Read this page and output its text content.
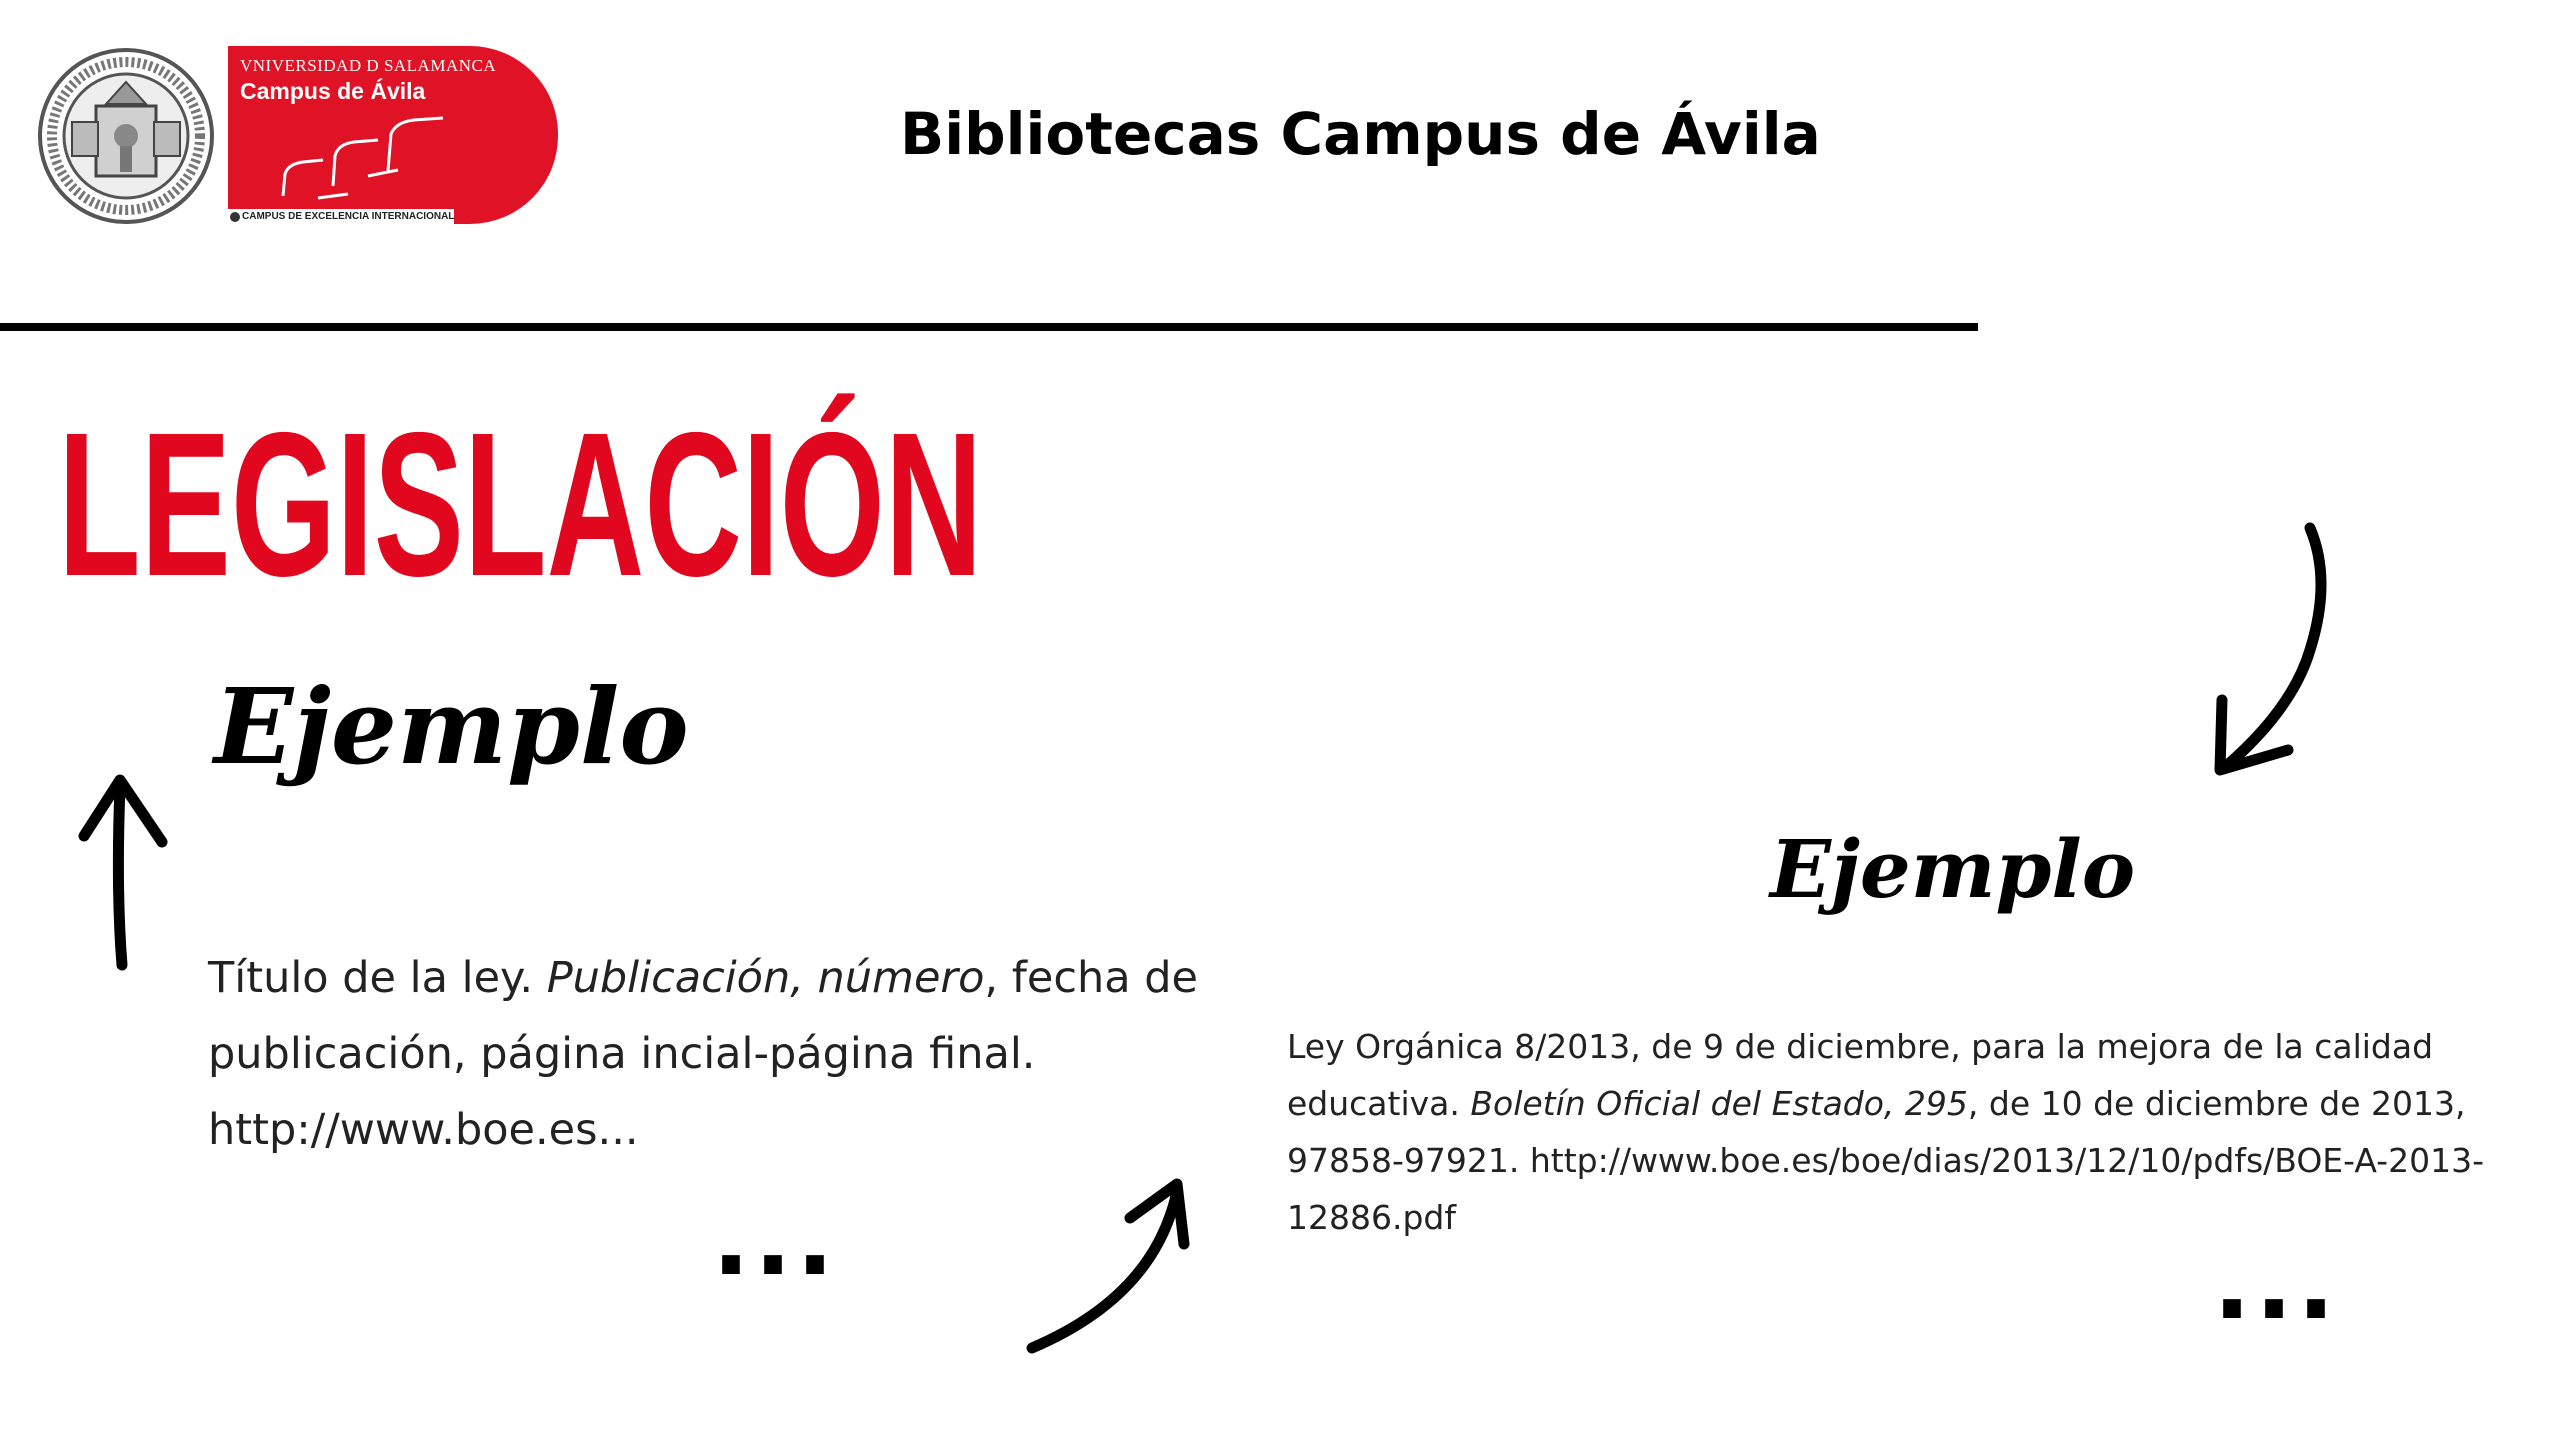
VNIVERSIDAD D SALAMANCA
Campus de Ávila
CAMPUS DE EXCELENCIA INTERNACIONAL
Bibliotecas Campus de Ávila
LEGISLACIÓN
Ejemplo
Título de la ley. Publicación, número, fecha de publicación, página incial-página final. http://www.boe.es...
...
Ejemplo
Ley Orgánica 8/2013, de 9 de diciembre, para la mejora de la calidad educativa. Boletín Oficial del Estado, 295, de 10 de diciembre de 2013, 97858-97921. http://www.boe.es/boe/dias/2013/12/10/pdfs/BOE-A-2013-12886.pdf
...
